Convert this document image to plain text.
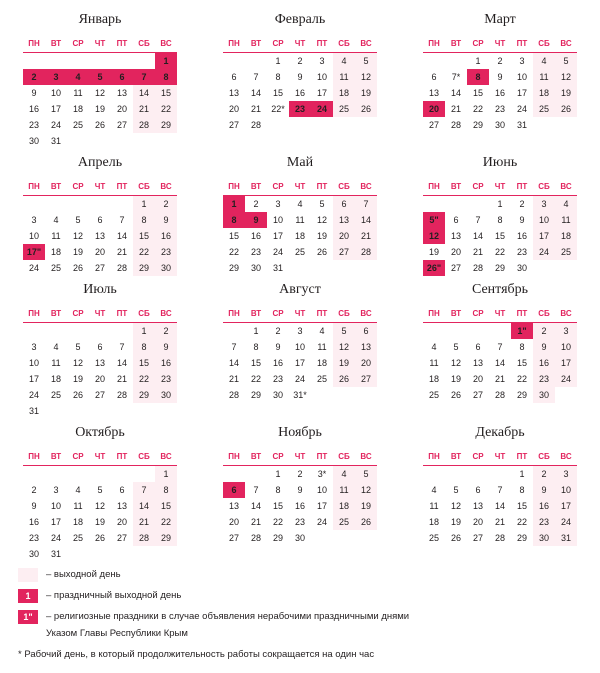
Январь
ПН	ВТ	СР	ЧТ	ПТ	СБ	ВС
						1
2	3	4	5	6	7	8
9	10	11	12	13	14	15
16	17	18	19	20	21	22
23	24	25	26	27	28	29
30	31					
Февраль
ПН	ВТ	СР	ЧТ	ПТ	СБ	ВС
		1	2	3	4	5
6	7	8	9	10	11	12
13	14	15	16	17	18	19
20	21	22*	23	24	25	26
27	28					
Март
ПН	ВТ	СР	ЧТ	ПТ	СБ	ВС
		1	2	3	4	5
6	7*	8	9	10	11	12
13	14	15	16	17	18	19
20	21	22	23	24	25	26
27	28	29	30	31		
Апрель
ПН	ВТ	СР	ЧТ	ПТ	СБ	ВС
					1	2
3	4	5	6	7	8	9
10	11	12	13	14	15	16
17"	18	19	20	21	22	23
24	25	26	27	28	29	30
Май
ПН	ВТ	СР	ЧТ	ПТ	СБ	ВС
1	2	3	4	5	6	7
8	9	10	11	12	13	14
15	16	17	18	19	20	21
22	23	24	25	26	27	28
29	30	31				
Июнь
ПН	ВТ	СР	ЧТ	ПТ	СБ	ВС
			1	2	3	4
5"	6	7	8	9	10	11
12	13	14	15	16	17	18
19	20	21	22	23	24	25
26"	27	28	29	30		
Июль
ПН	ВТ	СР	ЧТ	ПТ	СБ	ВС
					1	2
3	4	5	6	7	8	9
10	11	12	13	14	15	16
17	18	19	20	21	22	23
24	25	26	27	28	29	30
31						
Август
ПН	ВТ	СР	ЧТ	ПТ	СБ	ВС
	1	2	3	4	5	6
7	8	9	10	11	12	13
14	15	16	17	18	19	20
21	22	23	24	25	26	27
28	29	30	31*			
Сентябрь
ПН	ВТ	СР	ЧТ	ПТ	СБ	ВС
				1"	2	3
4	5	6	7	8	9	10
11	12	13	14	15	16	17
18	19	20	21	22	23	24
25	26	27	28	29	30	
Октябрь
ПН	ВТ	СР	ЧТ	ПТ	СБ	ВС
						1
2	3	4	5	6	7	8
9	10	11	12	13	14	15
16	17	18	19	20	21	22
23	24	25	26	27	28	29
30	31					
Ноябрь
ПН	ВТ	СР	ЧТ	ПТ	СБ	ВС
		1	2	3*	4	5
6	7	8	9	10	11	12
13	14	15	16	17	18	19
20	21	22	23	24	25	26
27	28	29	30			
Декабрь
ПН	ВТ	СР	ЧТ	ПТ	СБ	ВС
				1	2	3
4	5	6	7	8	9	10
11	12	13	14	15	16	17
18	19	20	21	22	23	24
25	26	27	28	29	30	31
– выходной день
1	– праздничный выходной день
1"	– религиозные праздники в случае объявления нерабочими праздничными днями
Указом Главы Республики Крым
* Рабочий день, в который продолжительность работы сокращается на один час
